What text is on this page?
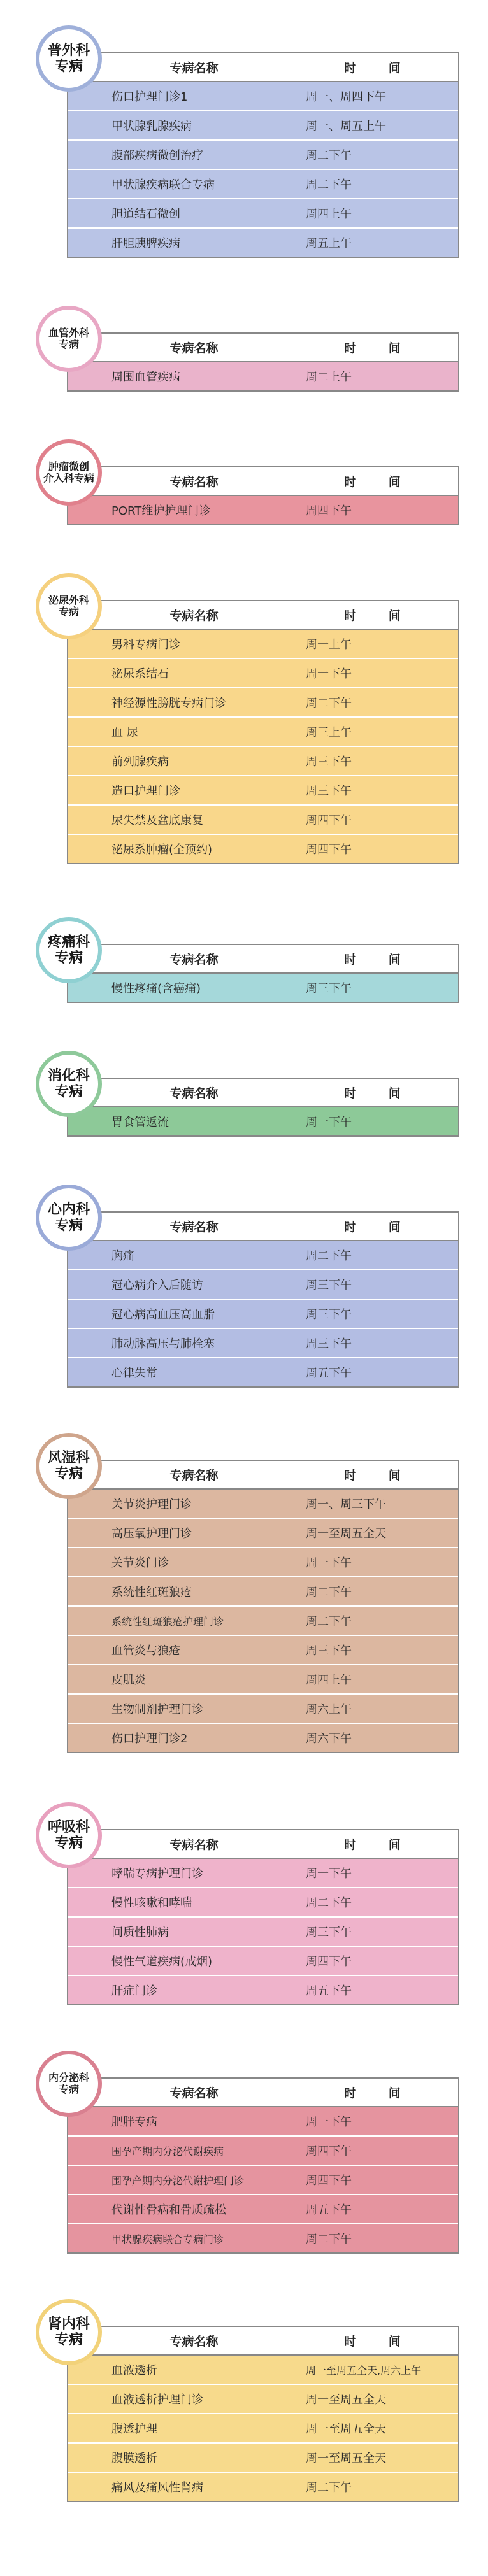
普外科
专病	专病名称	时 间
伤口护理门诊1	周一、周四下午
甲状腺乳腺疾病	周一、周五上午
腹部疾病微创治疗	周二下午
甲状腺疾病联合专病	周二下午
胆道结石微创	周四上午
肝胆胰脾疾病	周五上午
血管外科
专病	专病名称	时 间
周围血管疾病	周二上午
肿瘤微创
介入科专病	专病名称	时 间
PORT维护护理门诊	周四下午
泌尿外科
专病	专病名称	时 间
男科专病门诊	周一上午
泌尿系结石	周一下午
神经源性膀胱专病门诊	周二下午
血 尿	周三上午
前列腺疾病	周三下午
造口护理门诊	周三下午
尿失禁及盆底康复	周四下午
泌尿系肿瘤(全预约)	周四下午
疼痛科
专病	专病名称	时 间
慢性疼痛(含癌痛)	周三下午
消化科
专病	专病名称	时 间
胃食管返流	周一下午
心内科
专病	专病名称	时 间
胸痛	周二下午
冠心病介入后随访	周三下午
冠心病高血压高血脂	周三下午
肺动脉高压与肺栓塞	周三下午
心律失常	周五下午
风湿科
专病	专病名称	时 间
关节炎护理门诊	周一、周三下午
高压氧护理门诊	周一至周五全天
关节炎门诊	周一下午
系统性红斑狼疮	周二下午
系统性红斑狼疮护理门诊	周二下午
血管炎与狼疮	周三下午
皮肌炎	周四上午
生物制剂护理门诊	周六上午
伤口护理门诊2	周六下午
呼吸科
专病	专病名称	时 间
哮喘专病护理门诊	周一下午
慢性咳嗽和哮喘	周二下午
间质性肺病	周三下午
慢性气道疾病(戒烟)	周四下午
肝症门诊	周五下午
内分泌科
专病	专病名称	时 间
肥胖专病	周一下午
围孕产期内分泌代谢疾病	周四下午
围孕产期内分泌代谢护理门诊	周四下午
代谢性骨病和骨质疏松	周五下午
甲状腺疾病联合专病门诊	周二下午
肾内科
专病	专病名称	时 间
血液透析	周一至周五全天,周六上午
血液透析护理门诊	周一至周五全天
腹透护理	周一至周五全天
腹膜透析	周一至周五全天
痛风及痛风性肾病	周二下午
